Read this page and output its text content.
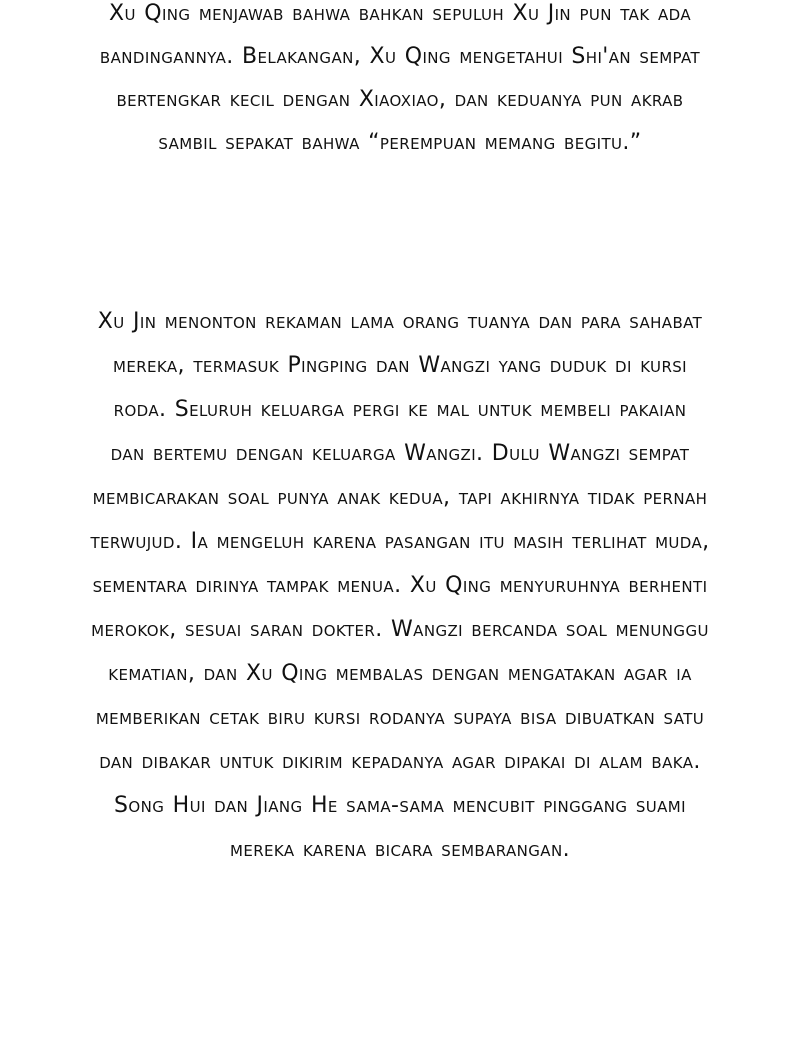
Xu Qing menjawab bahwa bahkan sepuluh Xu Jin pun tak ada
bandingannya. Belakangan, Xu Qing mengetahui Shi'an sempat
bertengkar kecil dengan Xiaoxiao, dan keduanya pun akrab
sambil sepakat bahwa “perempuan memang begitu.”

Xu Jin menonton rekaman lama orang tuanya dan para sahabat
mereka, termasuk Pingping dan Wangzi yang duduk di kursi
roda. Seluruh keluarga pergi ke mal untuk membeli pakaian
dan bertemu dengan keluarga Wangzi. Dulu Wangzi sempat
membicarakan soal punya anak kedua, tapi akhirnya tidak pernah
terwujud. Ia mengeluh karena pasangan itu masih terlihat muda,
sementara dirinya tampak menua. Xu Qing menyuruhnya berhenti
merokok, sesuai saran dokter. Wangzi bercanda soal menunggu
kematian, dan Xu Qing membalas dengan mengatakan agar ia
memberikan cetak biru kursi rodanya supaya bisa dibuatkan satu
dan dibakar untuk dikirim kepadanya agar dipakai di alam baka.
Song Hui dan Jiang He sama-sama mencubit pinggang suami
mereka karena bicara sembarangan.
